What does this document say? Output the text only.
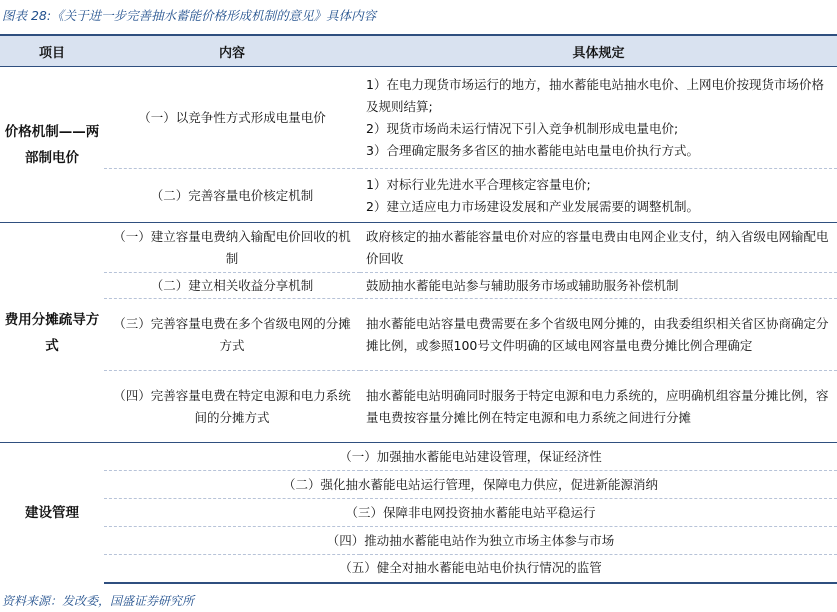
图表 28:《关于进一步完善抽水蓄能价格形成机制的意见》具体内容
项目	内容	具体规定
价格机制——两部制电价	（一）以竞争性方式形成电量电价	1）在电力现货市场运行的地方，抽水蓄能电站抽水电价、上网电价按现货市场价格及规则结算;
2）现货市场尚未运行情况下引入竞争机制形成电量电价;
3）合理确定服务多省区的抽水蓄能电站电量电价执行方式。

	（二）完善容量电价核定机制	1）对标行业先进水平合理核定容量电价;
2）建立适应电力市场建设发展和产业发展需要的调整机制。

费用分摊疏导方式	（一）建立容量电费纳入输配电价回收的机制	政府核定的抽水蓄能容量电价对应的容量电费由电网企业支付，纳入省级电网输配电价回收
	（二）建立相关收益分享机制	鼓励抽水蓄能电站参与辅助服务市场或辅助服务补偿机制
	（三）完善容量电费在多个省级电网的分摊方式	抽水蓄能电站容量电费需要在多个省级电网分摊的，由我委组织相关省区协商确定分摊比例，或参照100号文件明确的区域电网容量电费分摊比例合理确定
	（四）完善容量电费在特定电源和电力系统间的分摊方式	抽水蓄能电站明确同时服务于特定电源和电力系统的，应明确机组容量分摊比例，容量电费按容量分摊比例在特定电源和电力系统之间进行分摊
建设管理	（一）加强抽水蓄能电站建设管理，保证经济性	
	（二）强化抽水蓄能电站运行管理，保障电力供应，促进新能源消纳	
	（三）保障非电网投资抽水蓄能电站平稳运行	
	（四）推动抽水蓄能电站作为独立市场主体参与市场	
	（五）健全对抽水蓄能电站电价执行情况的监管	
资料来源：发改委，国盛证券研究所
